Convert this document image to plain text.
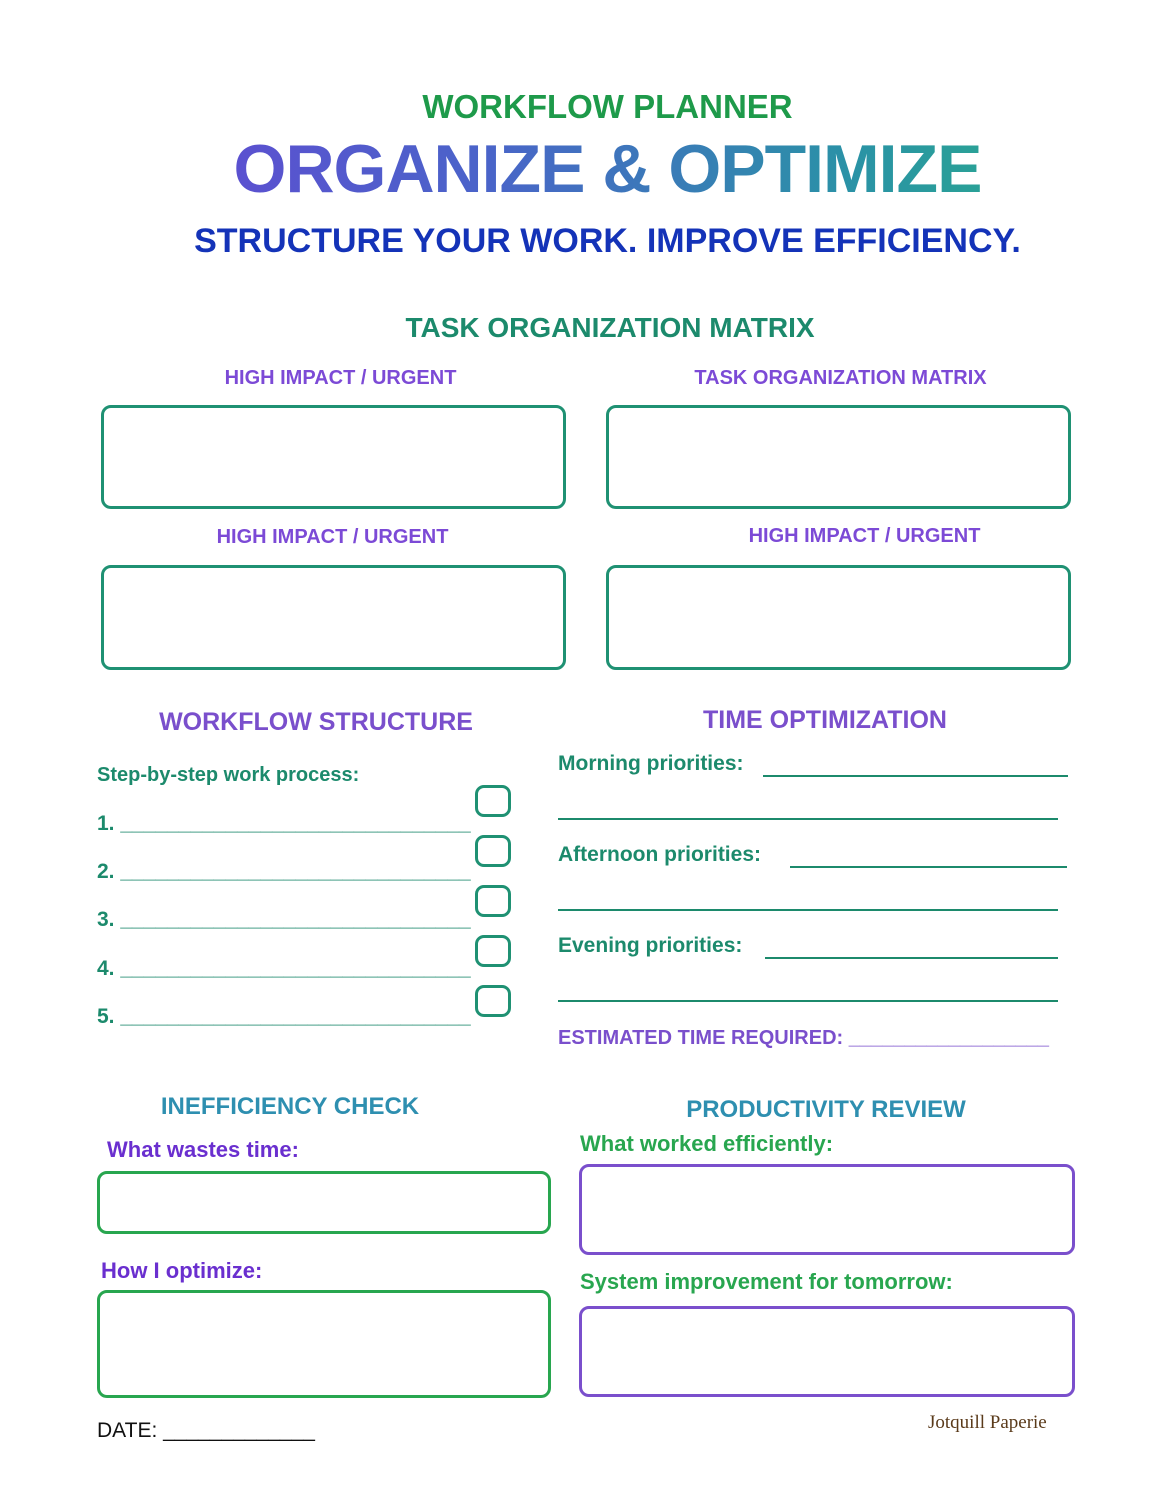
WORKFLOW PLANNER
ORGANIZE & OPTIMIZE
STRUCTURE YOUR WORK. IMPROVE EFFICIENCY.
TASK ORGANIZATION MATRIX
HIGH IMPACT / URGENT	TASK ORGANIZATION MATRIX
HIGH IMPACT / URGENT	HIGH IMPACT / URGENT
WORKFLOW STRUCTURE
Step-by-step work process:
1. ______________________________
2. ______________________________
3. ______________________________
4. ______________________________
5. ______________________________
TIME OPTIMIZATION
Morning priorities:
Afternoon priorities:
Evening priorities:
ESTIMATED TIME REQUIRED: __________________
INEFFICIENCY CHECK
What wastes time:
How I optimize:
PRODUCTIVITY REVIEW
What worked efficiently:
System improvement for tomorrow:
DATE: _____________	Jotquill Paperie
